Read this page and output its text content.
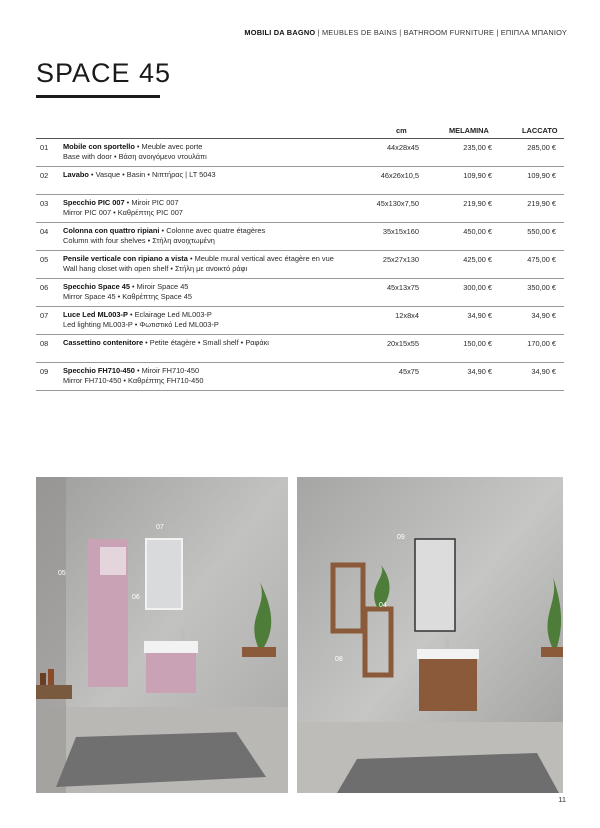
MOBILI DA BAGNO | MEUBLES DE BAINS | BATHROOM FURNITURE | ΕΠΙΠΛΑ ΜΠΑΝΙΟΥ
SPACE 45
cm	MELAMINA	LACCATO
01 Mobile con sportello • Meuble avec porte
Base with door • Βάση ανοιγόμενο ντουλάπι
44x28x45	235,00 €	285,00 €
02 Lavabo • Vasque • Basin • Νιπτήρας | LT 5043	46x26x10,5	109,90 €	109,90 €
03 Specchio PIC 007 • Miroir PIC 007
Mirror PIC 007 • Καθρέπτης PIC 007
45x130x7,50	219,90 €	219,90 €
04 Colonna con quattro ripiani • Colonne avec quatre étagères
Column with four shelves • Στήλη ανοιχτωμένη
35x15x160	450,00 €	550,00 €
05 Pensile verticale con ripiano a vista • Meuble mural vertical avec étagère en vue
Wall hang closet with open shelf • Στήλη με ανοικτό ράφι
25x27x130	425,00 €	475,00 €
06 Specchio Space 45 • Miroir Space 45
Mirror Space 45 • Καθρέπτης Space 45
45x13x75	300,00 €	350,00 €
07 Luce Led ML003-P • Eclairage Led ML003-P
Led lighting ML003-P • Φωτιστικό Led ML003-P
12x8x4	34,90 €	34,90 €
08 Cassettino contenitore • Petite étagère • Small shelf • Ραφάκι	20x15x55	150,00 €	170,00 €
09 Specchio FH710-450 • Miroir FH710-450
Mirror FH710-450 • Καθρέπτης FH710-450
45x75	34,90 €	34,90 €
07
05
06
09
04
08
11
